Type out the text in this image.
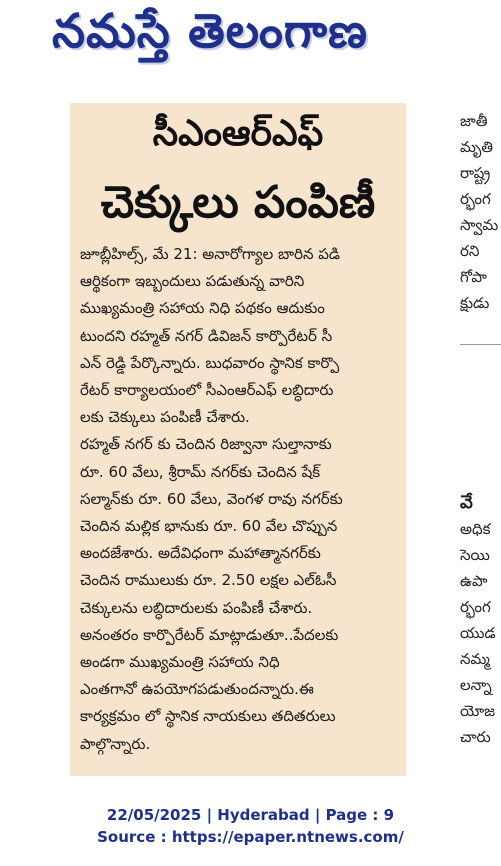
నమస్తే తెలంగాణ
సీఎంఆర్ఎఫ్
చెక్కులు పంపిణీ
జూబ్లీహిల్స్, మే 21: అనారోగ్యాల బారిన పడి
ఆర్థికంగా ఇబ్బందులు పడుతున్న వారిని
ముఖ్యమంత్రి సహాయ నిధి పథకం ఆదుకుం
టుందని రహ్మత్ నగర్ డివిజన్ కార్పొరేటర్ సీ
ఎన్ రెడ్డి పేర్కొన్నారు. బుధవారం స్థానిక కార్పొ
రేటర్ కార్యాలయంలో సీఎంఆర్ఎఫ్ లబ్ధిదారు
లకు చెక్కులు పంపిణీ చేశారు.
రహ్మత్ నగర్ కు చెందిన రిజ్వానా సుల్తానాకు
రూ. 60 వేలు, శ్రీరామ్ నగర్‌కు చెందిన షేక్
సల్మాన్‌కు రూ. 60 వేలు, వెంగళ రావు నగర్‌కు
చెందిన మల్లిక భానుకు రూ. 60 వేల చొప్పున
అందజేశారు. అదేవిధంగా మహాత్మానగర్‌కు
చెందిన రాములుకు రూ. 2.50 లక్షల ఎల్ఓసీ
చెక్కులను లబ్ధిదారులకు పంపిణీ చేశారు.
అనంతరం కార్పొరేటర్ మాట్లాడుతూ..పేదలకు
అండగా ముఖ్యమంత్రి సహాయ నిధి
ఎంతగానో ఉపయోగపడుతుందన్నారు.ఈ
కార్యక్రమం లో స్థానిక నాయకులు తదితరులు
పాల్గొన్నారు.
జాతీ
మృతి
రాష్ట్ర
ర్భంగ
స్వామ
రని
గోపా
క్షుడు
వే
అధిక
సెయి
ఉపా
ర్భంగ
యుడ
నమ్మ
లన్నా
యోజ
చారు
22/05/2025 | Hyderabad | Page : 9
Source : https://epaper.ntnews.com/
